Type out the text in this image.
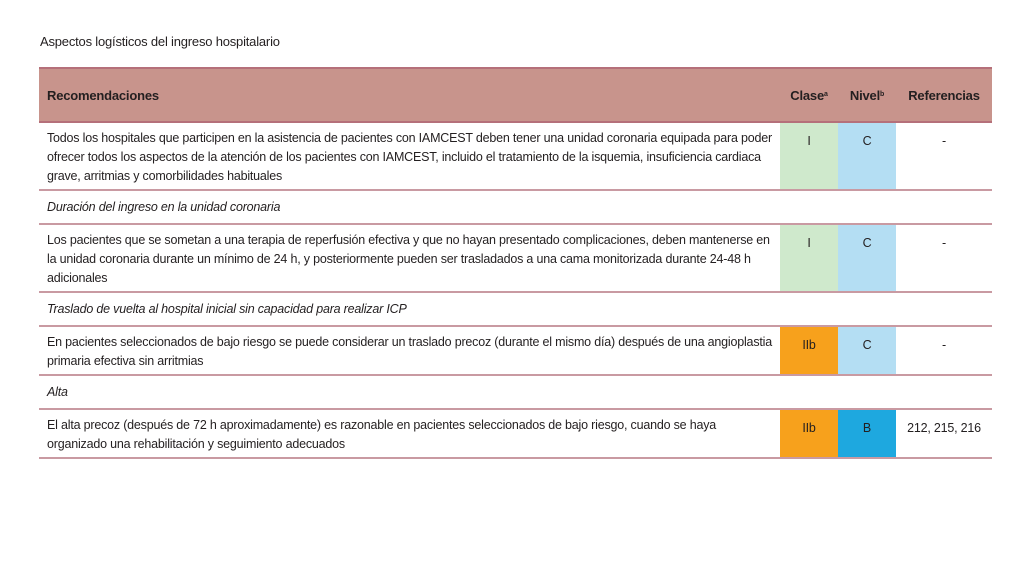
Aspectos logísticos del ingreso hospitalario
Recomendaciones	Clase$^a$	Nivel$^b$	Referencias
Todos los hospitales que participen en la asistencia de pacientes con IAMCEST deben tener una unidad coronaria equipada para poder ofrecer todos los aspectos de la atención de los pacientes con IAMCEST, incluido el tratamiento de la isquemia, insuficiencia cardiaca grave, arritmias y comorbilidades habituales	I	C	-
Duración del ingreso en la unidad coronaria			
Los pacientes que se sometan a una terapia de reperfusión efectiva y que no hayan presentado complicaciones, deben mantenerse en la unidad coronaria durante un mínimo de 24 h, y posteriormente pueden ser trasladados a una cama monitorizada durante 24-48 h adicionales	I	C	-
Traslado de vuelta al hospital inicial sin capacidad para realizar ICP			
En pacientes seleccionados de bajo riesgo se puede considerar un traslado precoz (durante el mismo día) después de una angioplastia primaria efectiva sin arritmias	IIb	C	-
Alta			
El alta precoz (después de 72 h aproximadamente) es razonable en pacientes seleccionados de bajo riesgo, cuando se haya organizado una rehabilitación y seguimiento adecuados	IIb	B	212, 215, 216
